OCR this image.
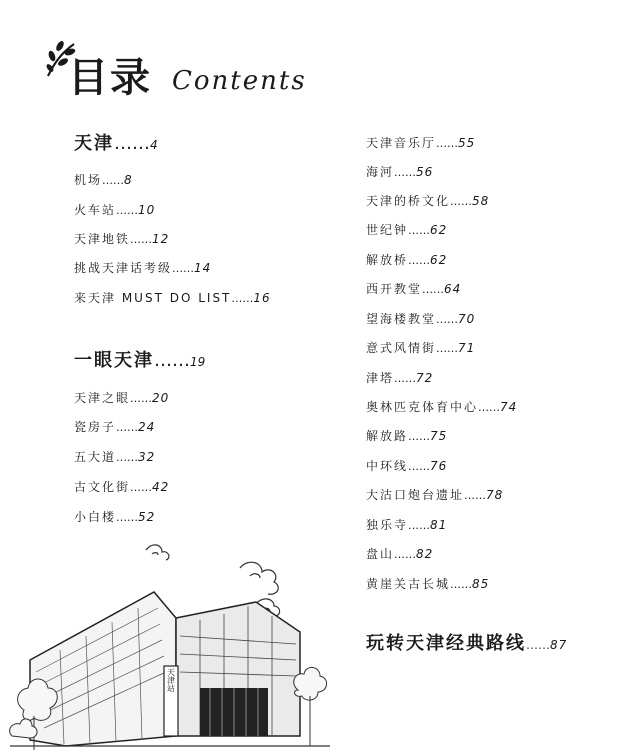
目录 Contents
天津……4
机场……8
火车站……10
天津地铁……12
挑战天津话考级……14
来天津 MUST DO LIST……16
一眼天津……19
天津之眼……20
瓷房子……24
五大道……32
古文化街……42
小白楼……52
天津音乐厅……55
海河……56
天津的桥文化……58
世纪钟……62
解放桥……62
西开教堂……64
望海楼教堂……70
意式风情街……71
津塔……72
奥林匹克体育中心……74
解放路……75
中环线……76
大沽口炮台遗址……78
独乐寺……81
盘山……82
黄崖关古长城……85
玩转天津经典路线……87
天津站
